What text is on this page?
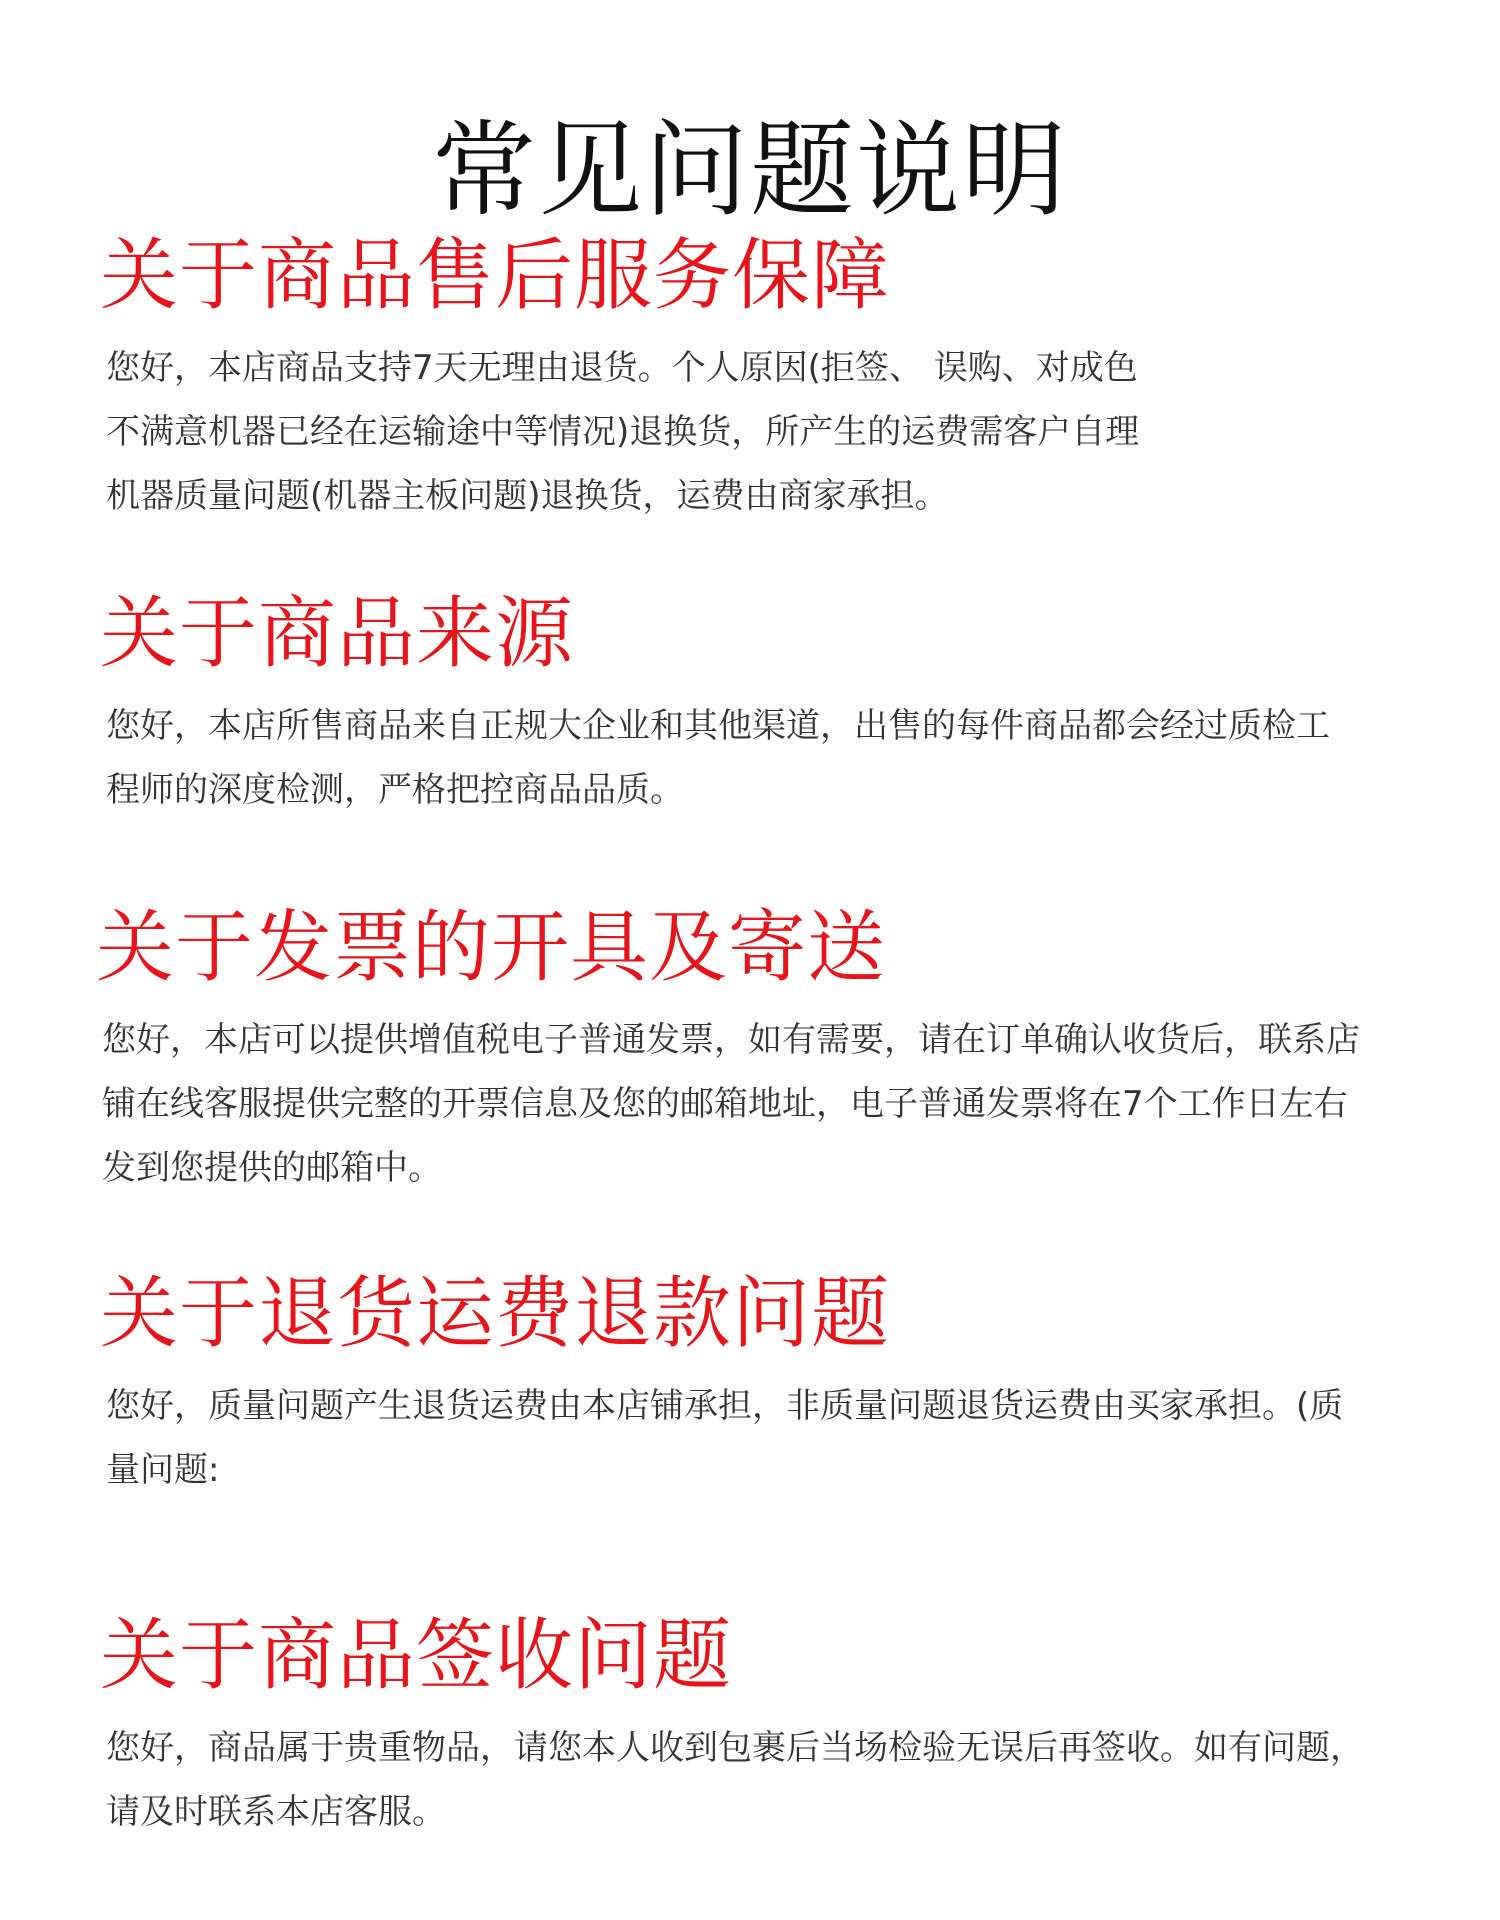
常见问题说明
关于商品售后服务保障
您好，本店商品支持7天无理由退货。个人原因(拒签、 误购、对成色
不满意机器已经在运输途中等情况)退换货，所产生的运费需客户自理
机器质量问题(机器主板问题)退换货，运费由商家承担。
关于商品来源
您好，本店所售商品来自正规大企业和其他渠道，出售的每件商品都会经过质检工
程师的深度检测，严格把控商品品质。
关于发票的开具及寄送
您好，本店可以提供增值税电子普通发票，如有需要，请在订单确认收货后，联系店
铺在线客服提供完整的开票信息及您的邮箱地址，电子普通发票将在7个工作日左右
发到您提供的邮箱中。
关于退货运费退款问题
您好，质量问题产生退货运费由本店铺承担，非质量问题退货运费由买家承担。(质
量问题:
关于商品签收问题
您好，商品属于贵重物品，请您本人收到包裹后当场检验无误后再签收。如有问题，
请及时联系本店客服。
